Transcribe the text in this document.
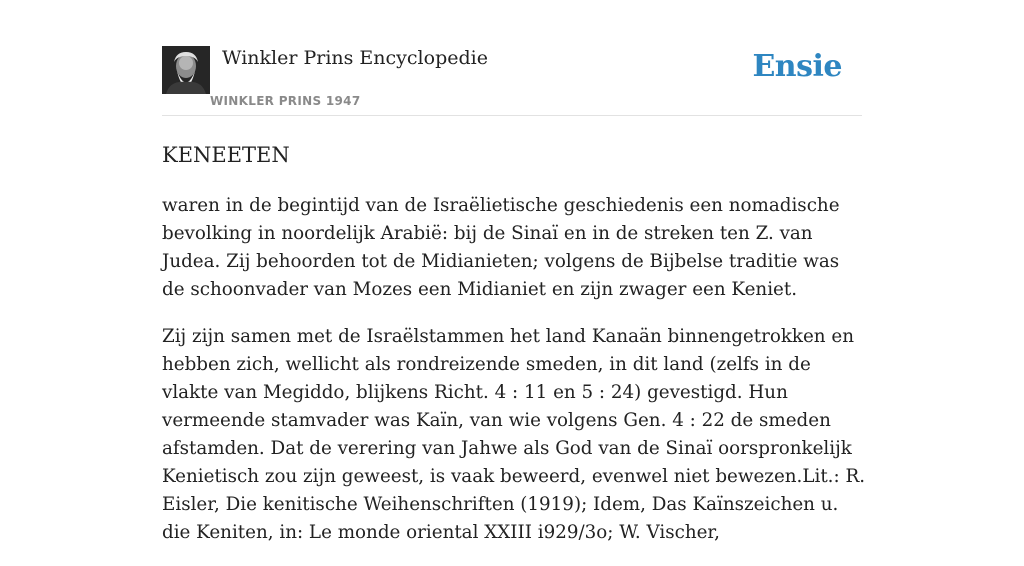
Winkler Prins Encyclopedie
WINKLER PRINS 1947
Ensie
KENEETEN

waren in de begintijd van de Israëlietische geschiedenis een nomadische bevolking in noordelijk Arabië: bij de Sinaï en in de streken ten Z. van Judea. Zij behoorden tot de Midianieten; volgens de Bijbelse traditie was de schoonvader van Mozes een Midianiet en zijn zwager een Keniet.

Zij zijn samen met de Israëlstammen het land Kanaän binnengetrokken en hebben zich, wellicht als rondreizende smeden, in dit land (zelfs in de vlakte van Megiddo, blijkens Richt. 4 : 11 en 5 : 24) gevestigd. Hun vermeende stamvader was Kaïn, van wie volgens Gen. 4 : 22 de smeden afstamden. Dat de verering van Jahwe als God van de Sinaï oorspronkelijk Kenietisch zou zijn geweest, is vaak beweerd, evenwel niet bewezen.Lit.: R. Eisler, Die kenitische Weihenschriften (1919); Idem, Das Kaïnszeichen u. die Keniten, in: Le monde oriental XXIII i929/3o; W. Vischer,
